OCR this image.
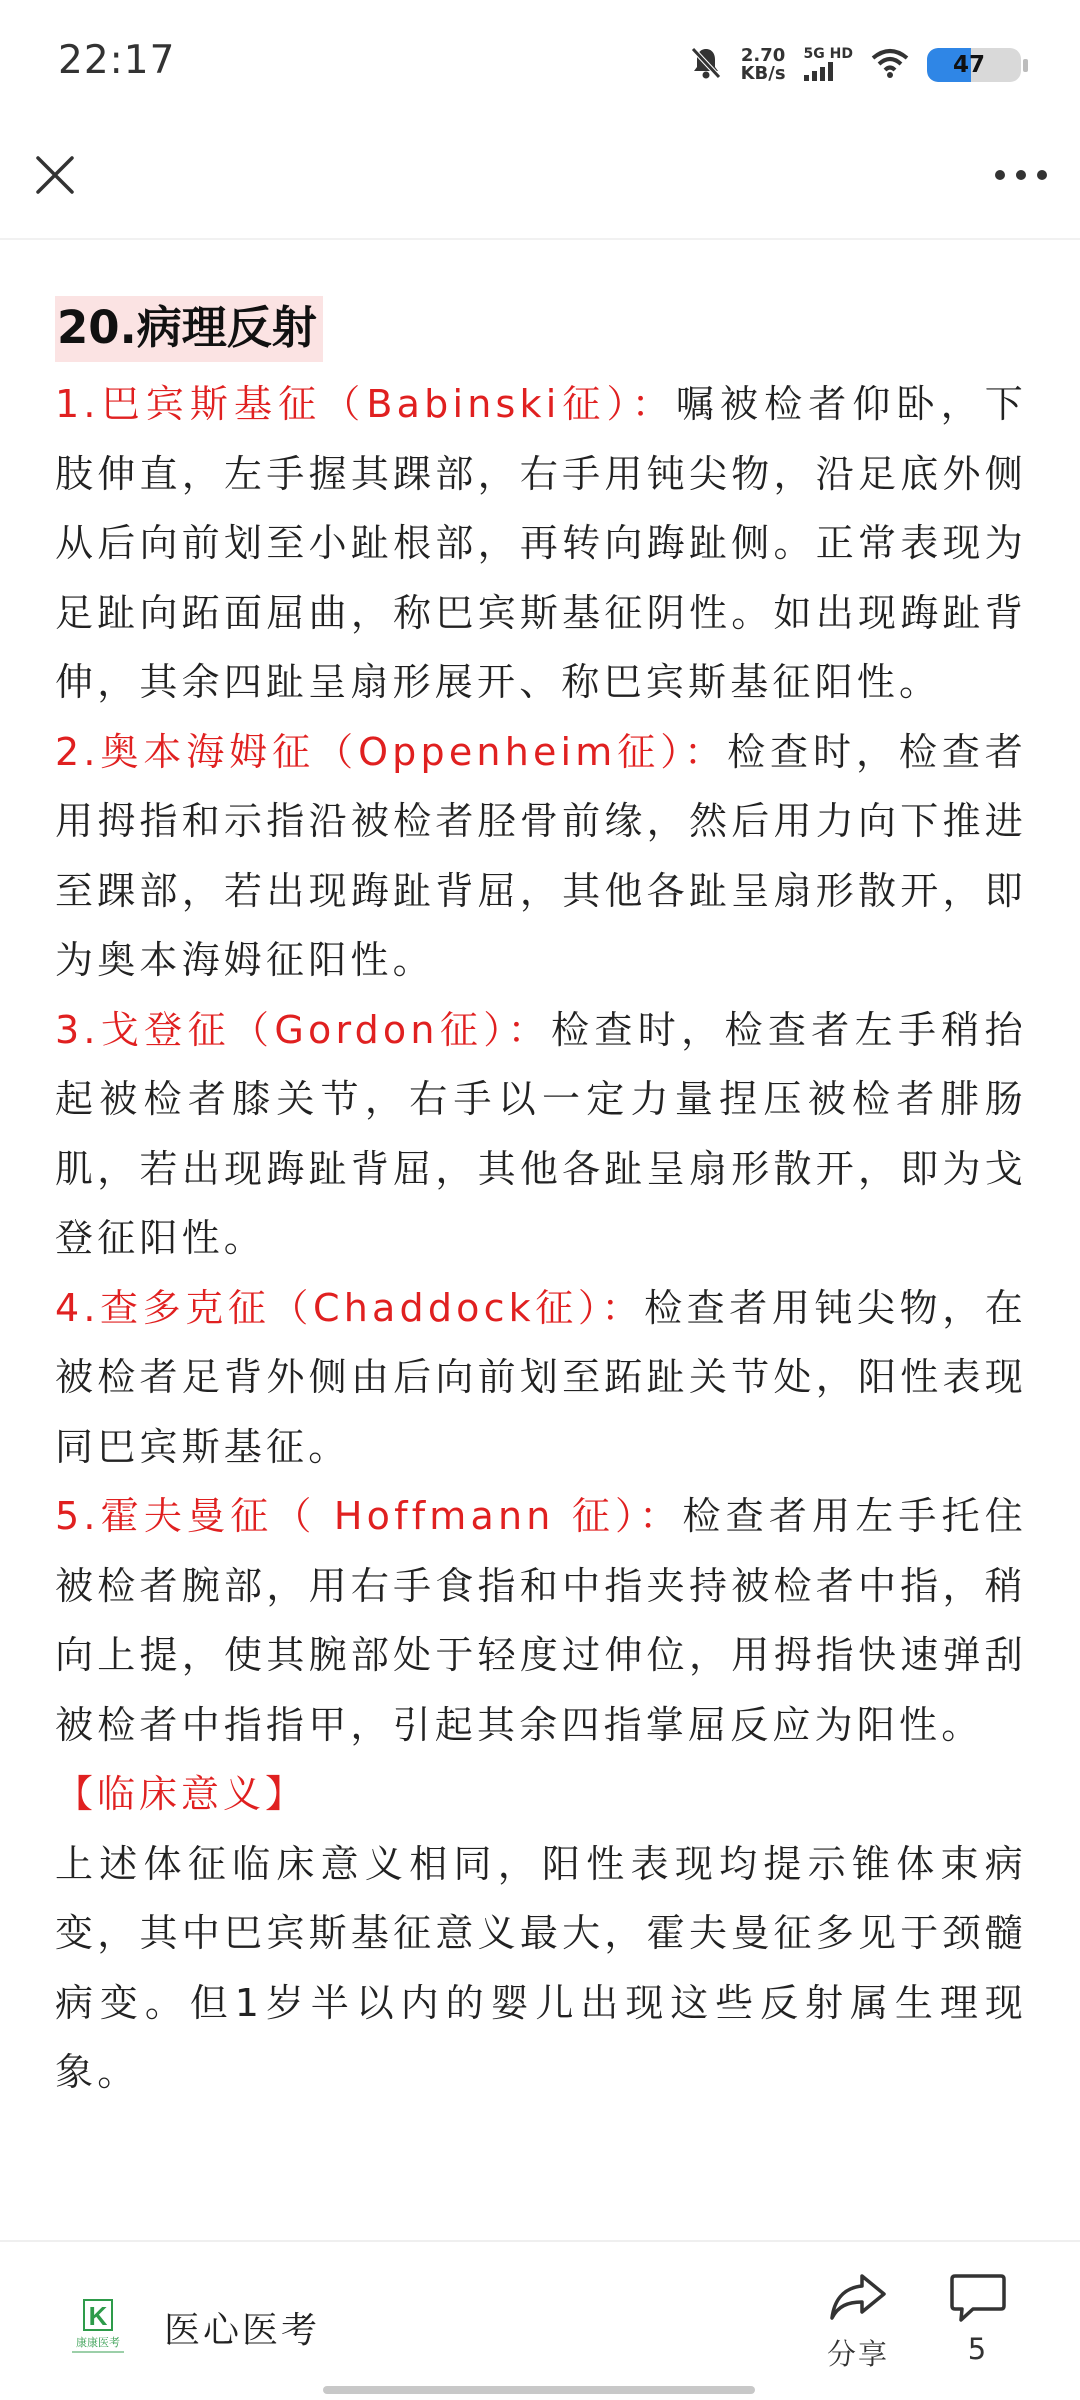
22:17	2.70
KB/s
5G HD	47
20.病理反射

1.巴宾斯基征（Babinski征）：嘱被检者仰卧，下肢伸直，左手握其踝部，右手用钝尖物，沿足底外侧从后向前划至小趾根部，再转向踇趾侧。正常表现为足趾向跖面屈曲，称巴宾斯基征阴性。如出现踇趾背伸，其余四趾呈扇形展开、称巴宾斯基征阳性。

2.奥本海姆征（Oppenheim征）：检查时，检查者用拇指和示指沿被检者胫骨前缘，然后用力向下推进至踝部，若出现踇趾背屈，其他各趾呈扇形散开，即为奥本海姆征阳性。

3.戈登征（Gordon征）：检查时，检查者左手稍抬起被检者膝关节，右手以一定力量捏压被检者腓肠肌，若出现踇趾背屈，其他各趾呈扇形散开，即为戈登征阳性。

4.查多克征（Chaddock征）：检查者用钝尖物，在被检者足背外侧由后向前划至跖趾关节处，阳性表现同巴宾斯基征。

5.霍夫曼征（ Hoffmann 征）：检查者用左手托住被检者腕部，用右手食指和中指夹持被检者中指，稍向上提，使其腕部处于轻度过伸位，用拇指快速弹刮被检者中指指甲，引起其余四指掌屈反应为阳性。

【临床意义】

上述体征临床意义相同，阳性表现均提示锥体束病变，其中巴宾斯基征意义最大，霍夫曼征多见于颈髓病变。但1岁半以内的婴儿出现这些反射属生理现象。

K
康康医考 医心医考
分享	5
